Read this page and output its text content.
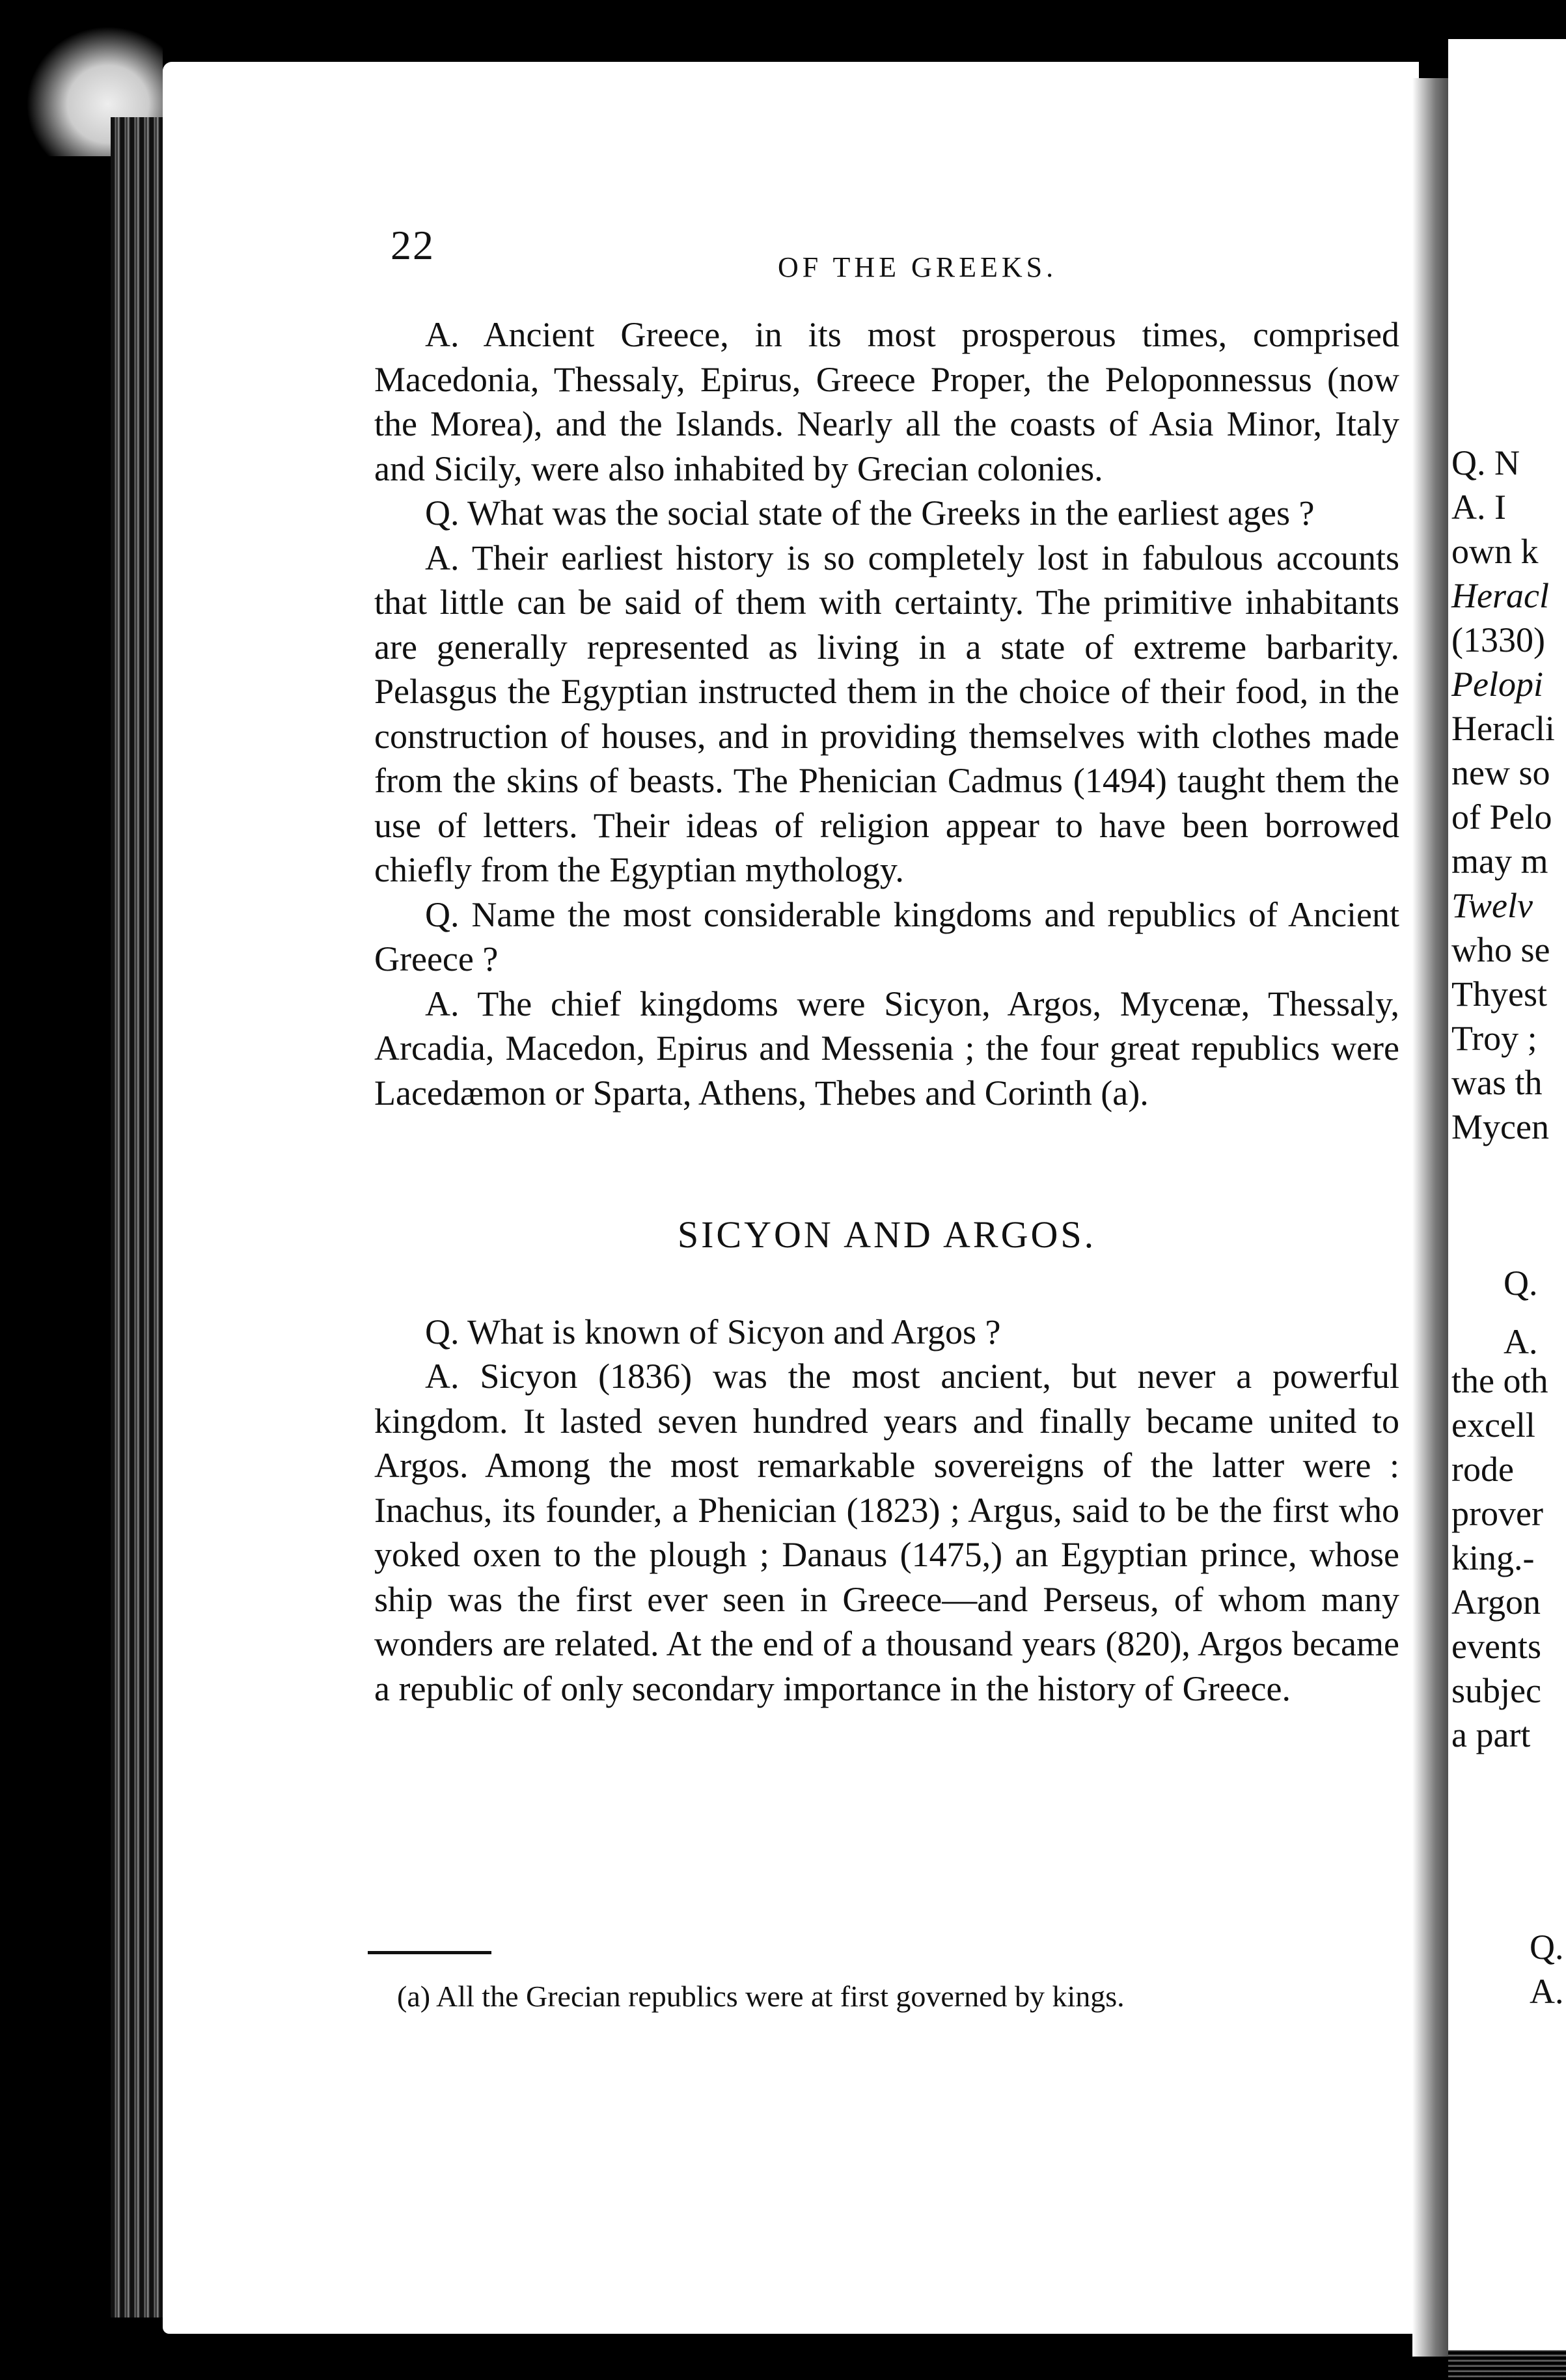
22	OF THE GREEKS.

A. Ancient Greece, in its most prosperous times, comprised Macedonia, Thessaly, Epirus, Greece Proper, the Peloponnessus (now the Morea), and the Islands. Nearly all the coasts of Asia Minor, Italy and Sicily, were also inhabited by Grecian colonies.

Q. What was the social state of the Greeks in the earliest ages ?

A. Their earliest history is so completely lost in fabulous accounts that little can be said of them with certainty. The primitive inhabitants are generally represented as living in a state of extreme barbarity. Pelasgus the Egyptian instructed them in the choice of their food, in the construction of houses, and in providing themselves with clothes made from the skins of beasts. The Phenician Cadmus (1494) taught them the use of letters. Their ideas of religion appear to have been borrowed chiefly from the Egyptian mythology.

Q. Name the most considerable kingdoms and republics of Ancient Greece ?

A. The chief kingdoms were Sicyon, Argos, Mycenæ, Thessaly, Arcadia, Macedon, Epirus and Messenia ; the four great republics were Lacedæmon or Sparta, Athens, Thebes and Corinth (a).

SICYON AND ARGOS.

Q. What is known of Sicyon and Argos ?

A. Sicyon (1836) was the most ancient, but never a powerful kingdom. It lasted seven hundred years and finally became united to Argos. Among the most remarkable sovereigns of the latter were : Inachus, its founder, a Phenician (1823) ; Argus, said to be the first who yoked oxen to the plough ; Danaus (1475,) an Egyptian prince, whose ship was the first ever seen in Greece—and Perseus, of whom many wonders are related. At the end of a thousand years (820), Argos became a republic of only secondary importance in the history of Greece.

(a) All the Grecian republics were at first governed by kings.
Q. N
A. I
own k
Heracl
(1330)
Pelopi
Heracli
new so
of Pelo
may m
Twelv
who se
Thyest
Troy ;
was th
Mycen
Q.
A.
the oth
excell
rode
prover
king.-
Argon
events
subjec
a part
Q.
A.
